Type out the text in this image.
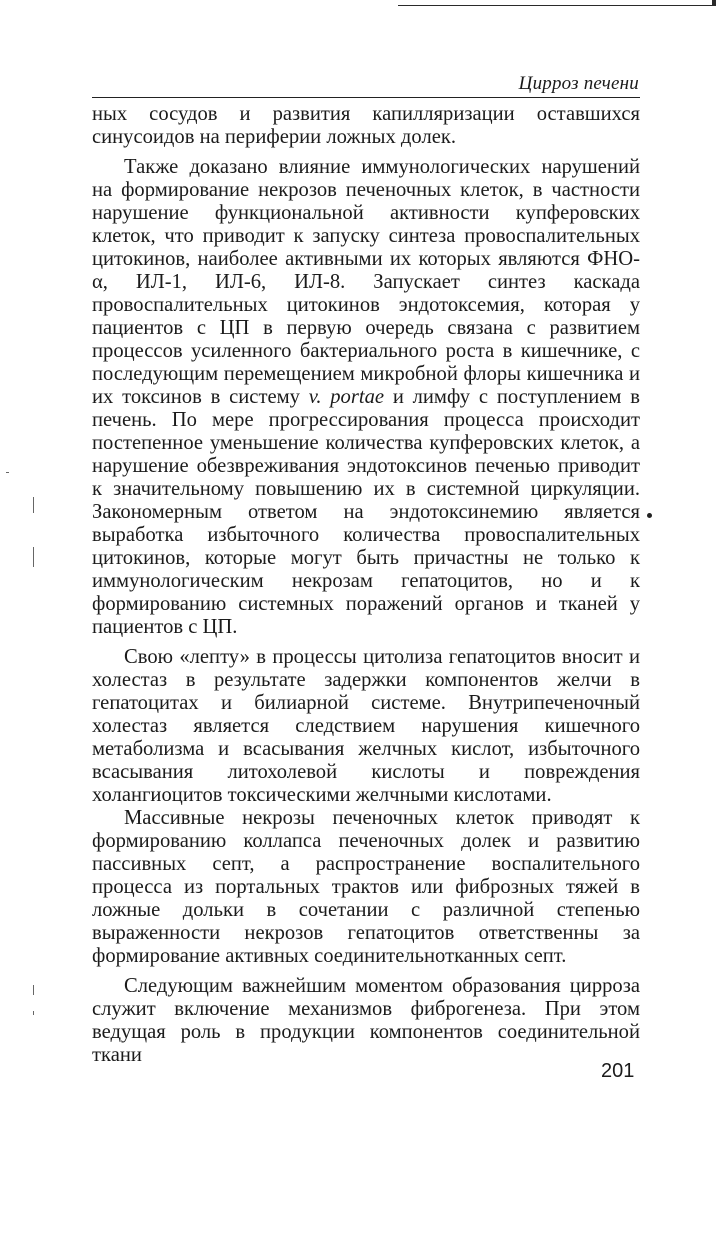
Цирроз печени

ных сосудов и развития капилляризации оставшихся синусоидов на периферии ложных долек.

Также доказано влияние иммунологических нарушений на формирование некрозов печеночных клеток, в частности нарушение функциональной активности купферовских клеток, что приводит к запуску синтеза провоспалительных цитокинов, наиболее активными их которых являются ФНО-α, ИЛ-1, ИЛ-6, ИЛ-8. Запускает синтез каскада провоспалительных цитокинов эндотоксемия, которая у пациентов с ЦП в первую очередь связана с развитием процессов усиленного бактериального роста в кишечнике, с последующим перемещением микробной флоры кишечника и их токсинов в систему v. portae и лимфу с поступлением в печень. По мере прогрессирования процесса происходит постепенное уменьшение количества купферовских клеток, а нарушение обезвреживания эндотоксинов печенью приводит к значительному повышению их в системной циркуляции. Закономерным ответом на эндотоксинемию является выработка избыточного количества провоспалительных цитокинов, которые могут быть причастны не только к иммунологическим некрозам гепатоцитов, но и к формированию системных поражений органов и тканей у пациентов с ЦП.

Свою «лепту» в процессы цитолиза гепатоцитов вносит и холестаз в результате задержки компонентов желчи в гепатоцитах и билиарной системе. Внутрипеченочный холестаз является следствием нарушения кишечного метаболизма и всасывания желчных кислот, избыточного всасывания литохолевой кислоты и повреждения холангиоцитов токсическими желчными кислотами.

Массивные некрозы печеночных клеток приводят к формированию коллапса печеночных долек и развитию пассивных септ, а распространение воспалительного процесса из портальных трактов или фиброзных тяжей в ложные дольки в сочетании с различной степенью выраженности некрозов гепатоцитов ответственны за формирование активных соединительнотканных септ.

Следующим важнейшим моментом образования цирроза служит включение механизмов фиброгенеза. При этом ведущая роль в продукции компонентов соединительной ткани

201
